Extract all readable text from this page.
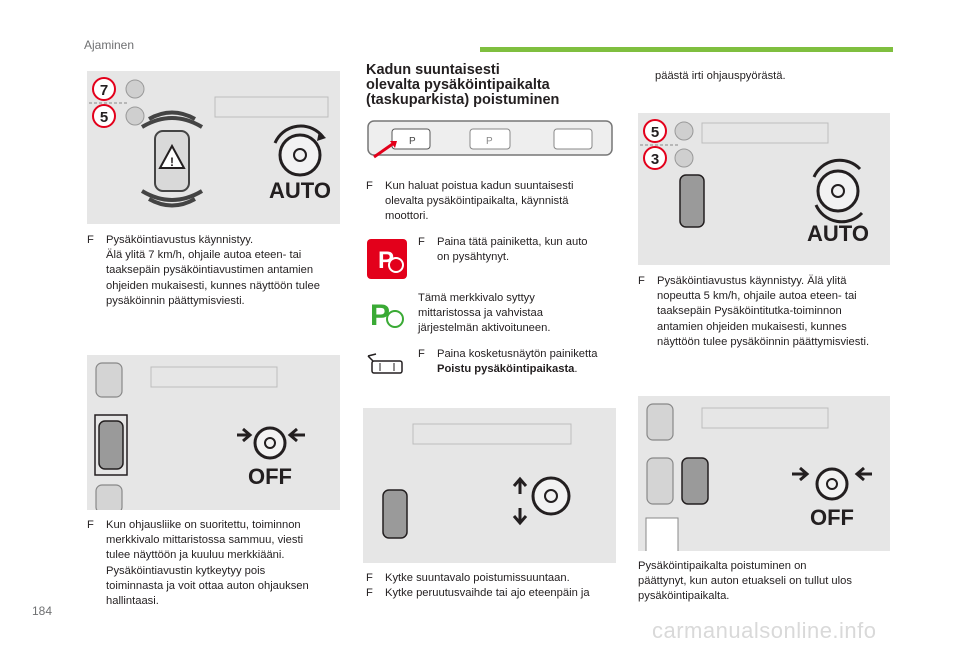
Ajaminen
7
5
!
AUTO
F Pysäköintiavustus käynnistyy.

Älä ylitä 7 km/h, ohjaile autoa eteen- tai

taaksepäin pysäköintiavustimen antamien

ohjeiden mukaisesti, kunnes näyttöön tulee

pysäköinnin päättymisviesti.

OFF
F Kun ohjausliike on suoritettu, toiminnon

merkkivalo mittaristossa sammuu, viesti

tulee näyttöön ja kuuluu merkkiääni.

Pysäköintiavustin kytkeytyy pois

toiminnasta ja voit ottaa auton ohjauksen

hallintaasi.

Kadun suuntaisesti
olevalta pysäköintipaikalta
(taskuparkista) poistuminen
P	P
F Kun haluat poistua kadun suuntaisesti

olevalta pysäköintipaikalta, käynnistä

moottori.

P
F Paina tätä painiketta, kun auto

on pysähtynyt.

P

Tämä merkkivalo syttyy

mittaristossa ja vahvistaa

järjestelmän aktivoituneen.

F Paina kosketusnäytön painiketta

Poistu pysäköintipaikasta.

F Kytke suuntavalo poistumissuuntaan.

F Kytke peruutusvaihde tai ajo eteenpäin ja

päästä irti ohjauspyörästä.
5
3
AUTO
F Pysäköintiavustus käynnistyy. Älä ylitä

nopeutta 5 km/h, ohjaile autoa eteen- tai

taaksepäin Pysäköintitutka-toiminnon

antamien ohjeiden mukaisesti, kunnes

näyttöön tulee pysäköinnin päättymisviesti.

OFF

Pysäköintipaikalta poistuminen on

päättynyt, kun auton etuakseli on tullut ulos

pysäköintipaikalta.

184
carmanualsonline.info
